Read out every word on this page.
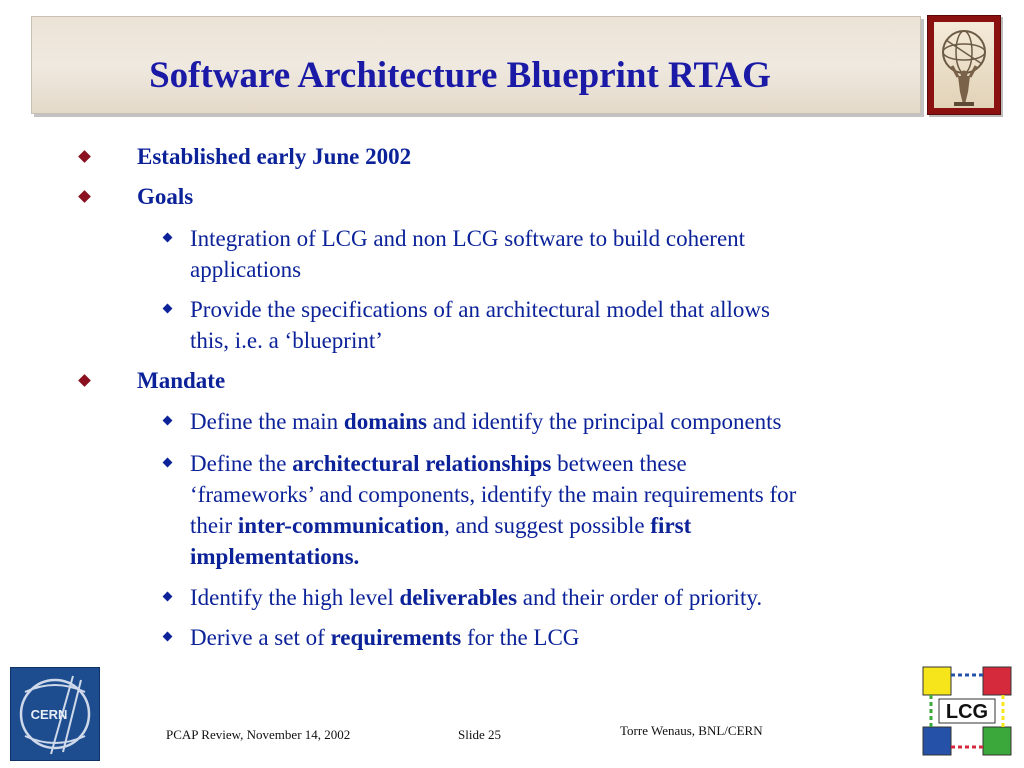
Software Architecture Blueprint RTAG
Established early June 2002
Goals
Integration of LCG and non LCG software to build coherent
applications
Provide the specifications of an architectural model that allows
this, i.e. a ‘blueprint’
Mandate
Define the main domains and identify the principal components
Define the architectural relationships between these
‘frameworks’ and components, identify the main requirements for
their inter-communication, and suggest possible first
implementations.
Identify the high level deliverables and their order of priority.
Derive a set of requirements for the LCG
CERN
PCAP Review, November 14, 2002	Slide 25	Torre Wenaus, BNL/CERN
LCG
